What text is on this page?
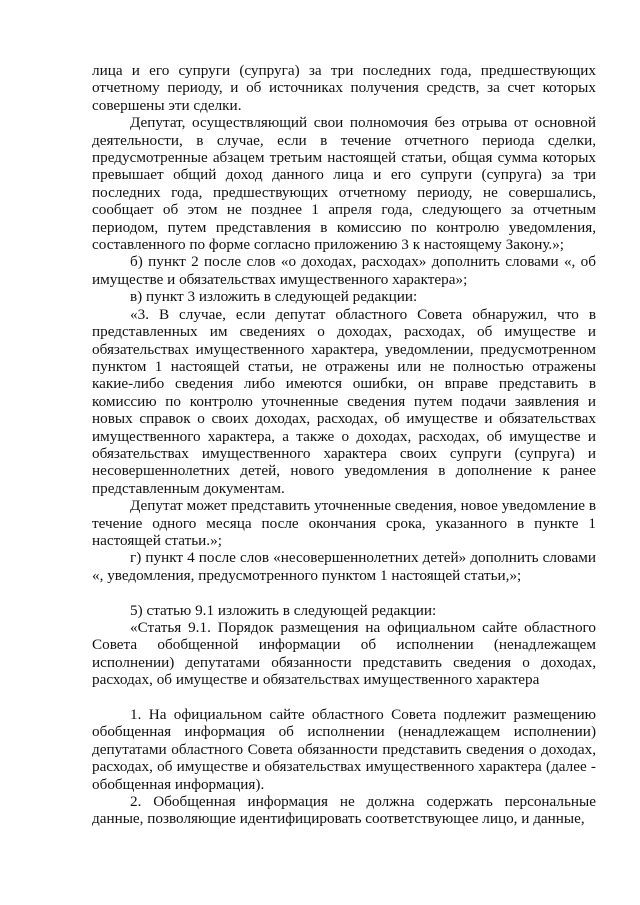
лица и его супруги (супруга) за три последних года, предшествующих отчетному периоду, и об источниках получения средств, за счет которых совершены эти сделки.

Депутат, осуществляющий свои полномочия без отрыва от основной деятельности, в случае, если в течение отчетного периода сделки, предусмотренные абзацем третьим настоящей статьи, общая сумма которых превышает общий доход данного лица и его супруги (супруга) за три последних года, предшествующих отчетному периоду, не совершались, сообщает об этом не позднее 1 апреля года, следующего за отчетным периодом, путем представления в комиссию по контролю уведомления, составленного по форме согласно приложению 3 к настоящему Закону.»;

б) пункт 2 после слов «о доходах, расходах» дополнить словами «, об имуществе и обязательствах имущественного характера»;

в) пункт 3 изложить в следующей редакции:

«3. В случае, если депутат областного Совета обнаружил, что в представленных им сведениях о доходах, расходах, об имуществе и обязательствах имущественного характера, уведомлении, предусмотренном пунктом 1 настоящей статьи, не отражены или не полностью отражены какие-либо сведения либо имеются ошибки, он вправе представить в комиссию по контролю уточненные сведения путем подачи заявления и новых справок о своих доходах, расходах, об имуществе и обязательствах имущественного характера, а также о доходах, расходах, об имуществе и обязательствах имущественного характера своих супруги (супруга) и несовершеннолетних детей, нового уведомления в дополнение к ранее представленным документам.

Депутат может представить уточненные сведения, новое уведомление в течение одного месяца после окончания срока, указанного в пункте 1 настоящей статьи.»;

г) пункт 4 после слов «несовершеннолетних детей» дополнить словами «, уведомления, предусмотренного пунктом 1 настоящей статьи,»;

5) статью 9.1 изложить в следующей редакции:

«Статья 9.1. Порядок размещения на официальном сайте областного Совета обобщенной информации об исполнении (ненадлежащем исполнении) депутатами обязанности представить сведения о доходах, расходах, об имуществе и обязательствах имущественного характера

1. На официальном сайте областного Совета подлежит размещению обобщенная информация об исполнении (ненадлежащем исполнении) депутатами областного Совета обязанности представить сведения о доходах, расходах, об имуществе и обязательствах имущественного характера (далее - обобщенная информация).

2. Обобщенная информация не должна содержать персональные данные, позволяющие идентифицировать соответствующее лицо, и данные,
